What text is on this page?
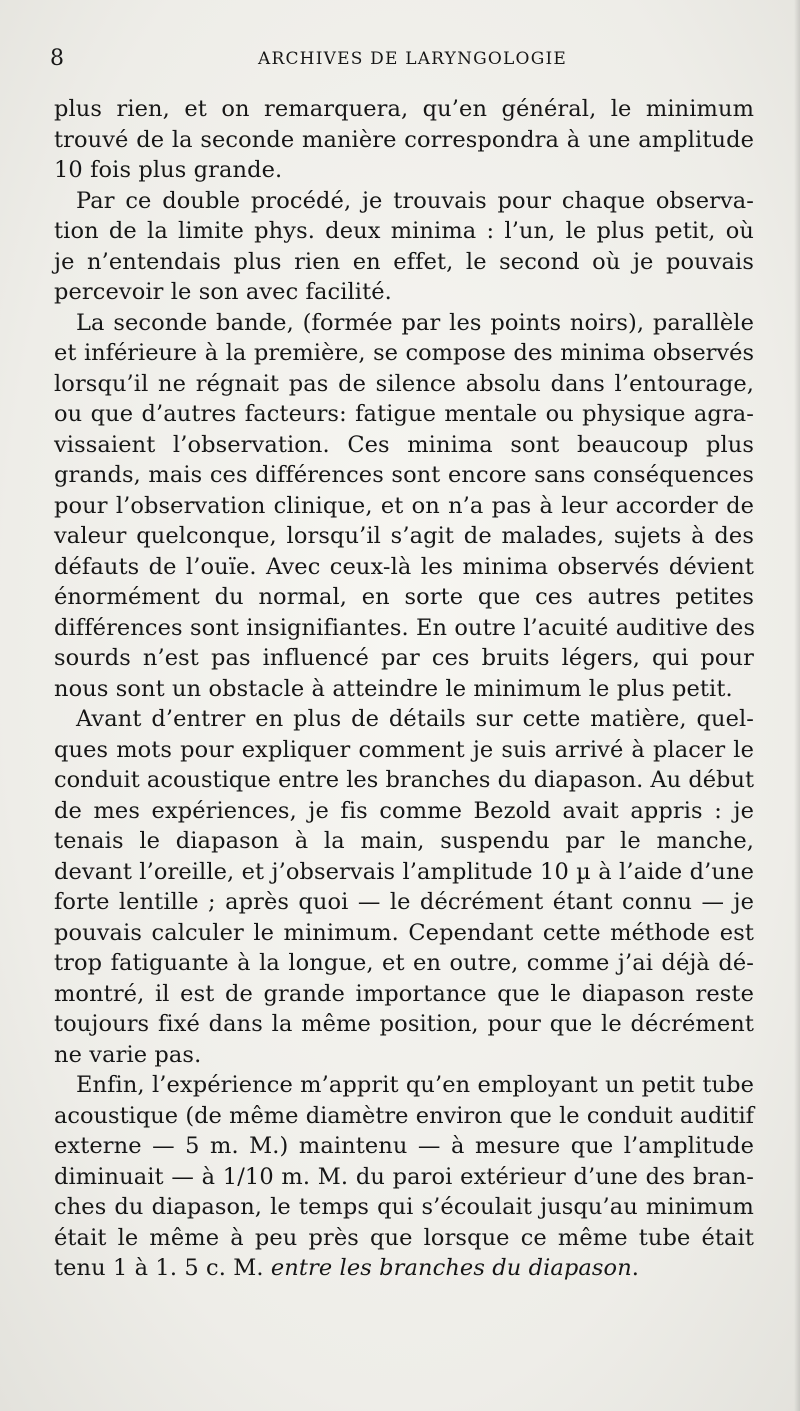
8	ARCHIVES DE LARYNGOLOGIE
plus rien, et on remarquera, qu’en général, le minimum
trouvé de la seconde manière correspondra à une amplitude
10 fois plus grande.
Par ce double procédé, je trouvais pour chaque observa-
tion de la limite phys. deux minima : l’un, le plus petit, où
je n’entendais plus rien en effet, le second où je pouvais
percevoir le son avec facilité.
La seconde bande, (formée par les points noirs), parallèle
et inférieure à la première, se compose des minima observés
lorsqu’il ne régnait pas de silence absolu dans l’entourage,
ou que d’autres facteurs: fatigue mentale ou physique agra-
vissaient l’observation. Ces minima sont beaucoup plus
grands, mais ces différences sont encore sans conséquences
pour l’observation clinique, et on n’a pas à leur accorder de
valeur quelconque, lorsqu’il s’agit de malades, sujets à des
défauts de l’ouïe. Avec ceux-là les minima observés dévient
énormément du normal, en sorte que ces autres petites
différences sont insignifiantes. En outre l’acuité auditive des
sourds n’est pas influencé par ces bruits légers, qui pour
nous sont un obstacle à atteindre le minimum le plus petit.
Avant d’entrer en plus de détails sur cette matière, quel-
ques mots pour expliquer comment je suis arrivé à placer le
conduit acoustique entre les branches du diapason. Au début
de mes expériences, je fis comme Bezold avait appris : je
tenais le diapason à la main, suspendu par le manche,
devant l’oreille, et j’observais l’amplitude 10 µ à l’aide d’une
forte lentille ; après quoi — le décrément étant connu — je
pouvais calculer le minimum. Cependant cette méthode est
trop fatiguante à la longue, et en outre, comme j’ai déjà dé-
montré, il est de grande importance que le diapason reste
toujours fixé dans la même position, pour que le décrément
ne varie pas.
Enfin, l’expérience m’apprit qu’en employant un petit tube
acoustique (de même diamètre environ que le conduit auditif
externe — 5 m. M.) maintenu — à mesure que l’amplitude
diminuait — à 1/10 m. M. du paroi extérieur d’une des bran-
ches du diapason, le temps qui s’écoulait jusqu’au minimum
était le même à peu près que lorsque ce même tube était
tenu 1 à 1. 5 c. M. entre les branches du diapason.
